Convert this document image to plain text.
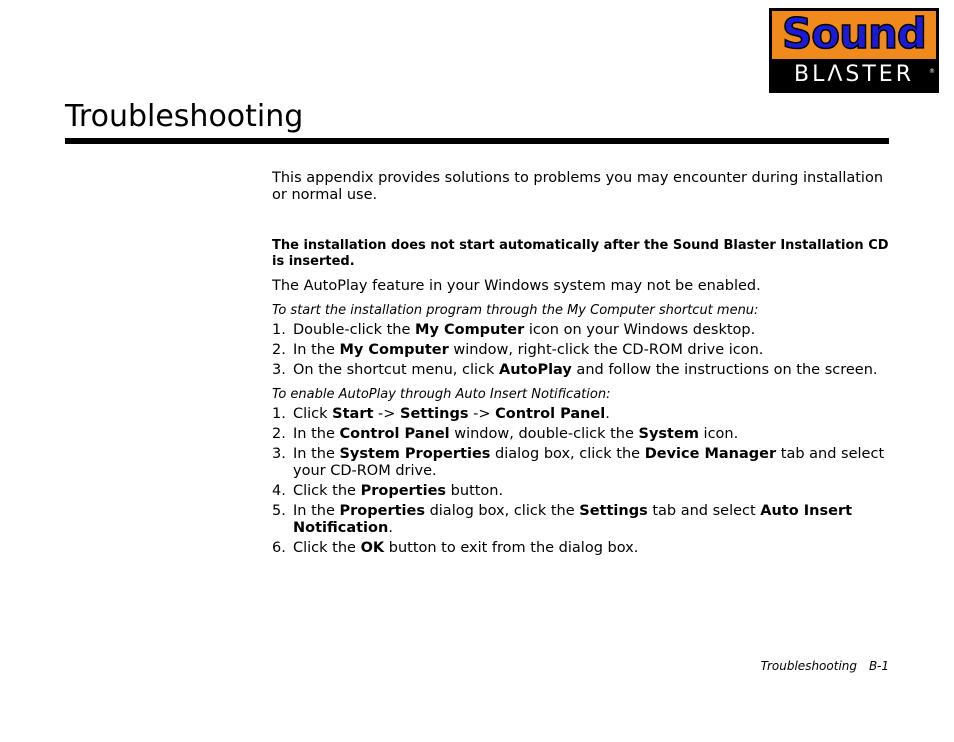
Sound
BLΛSTER	®
Troubleshooting

This appendix provides solutions to problems you may encounter during installation or normal use.

The installation does not start automatically after the Sound Blaster Installation CD is inserted.

The AutoPlay feature in your Windows system may not be enabled.

To start the installation program through the My Computer shortcut menu:

1. Double-click the My Computer icon on your Windows desktop.
2. In the My Computer window, right-click the CD-ROM drive icon.
3. On the shortcut menu, click AutoPlay and follow the instructions on the screen.

To enable AutoPlay through Auto Insert Notification:

1. Click Start -> Settings -> Control Panel.
2. In the Control Panel window, double-click the System icon.
3. In the System Properties dialog box, click the Device Manager tab and select your CD-ROM drive.
4. Click the Properties button.
5. In the Properties dialog box, click the Settings tab and select Auto Insert Notification.
6. Click the OK button to exit from the dialog box.
Troubleshooting B-1
